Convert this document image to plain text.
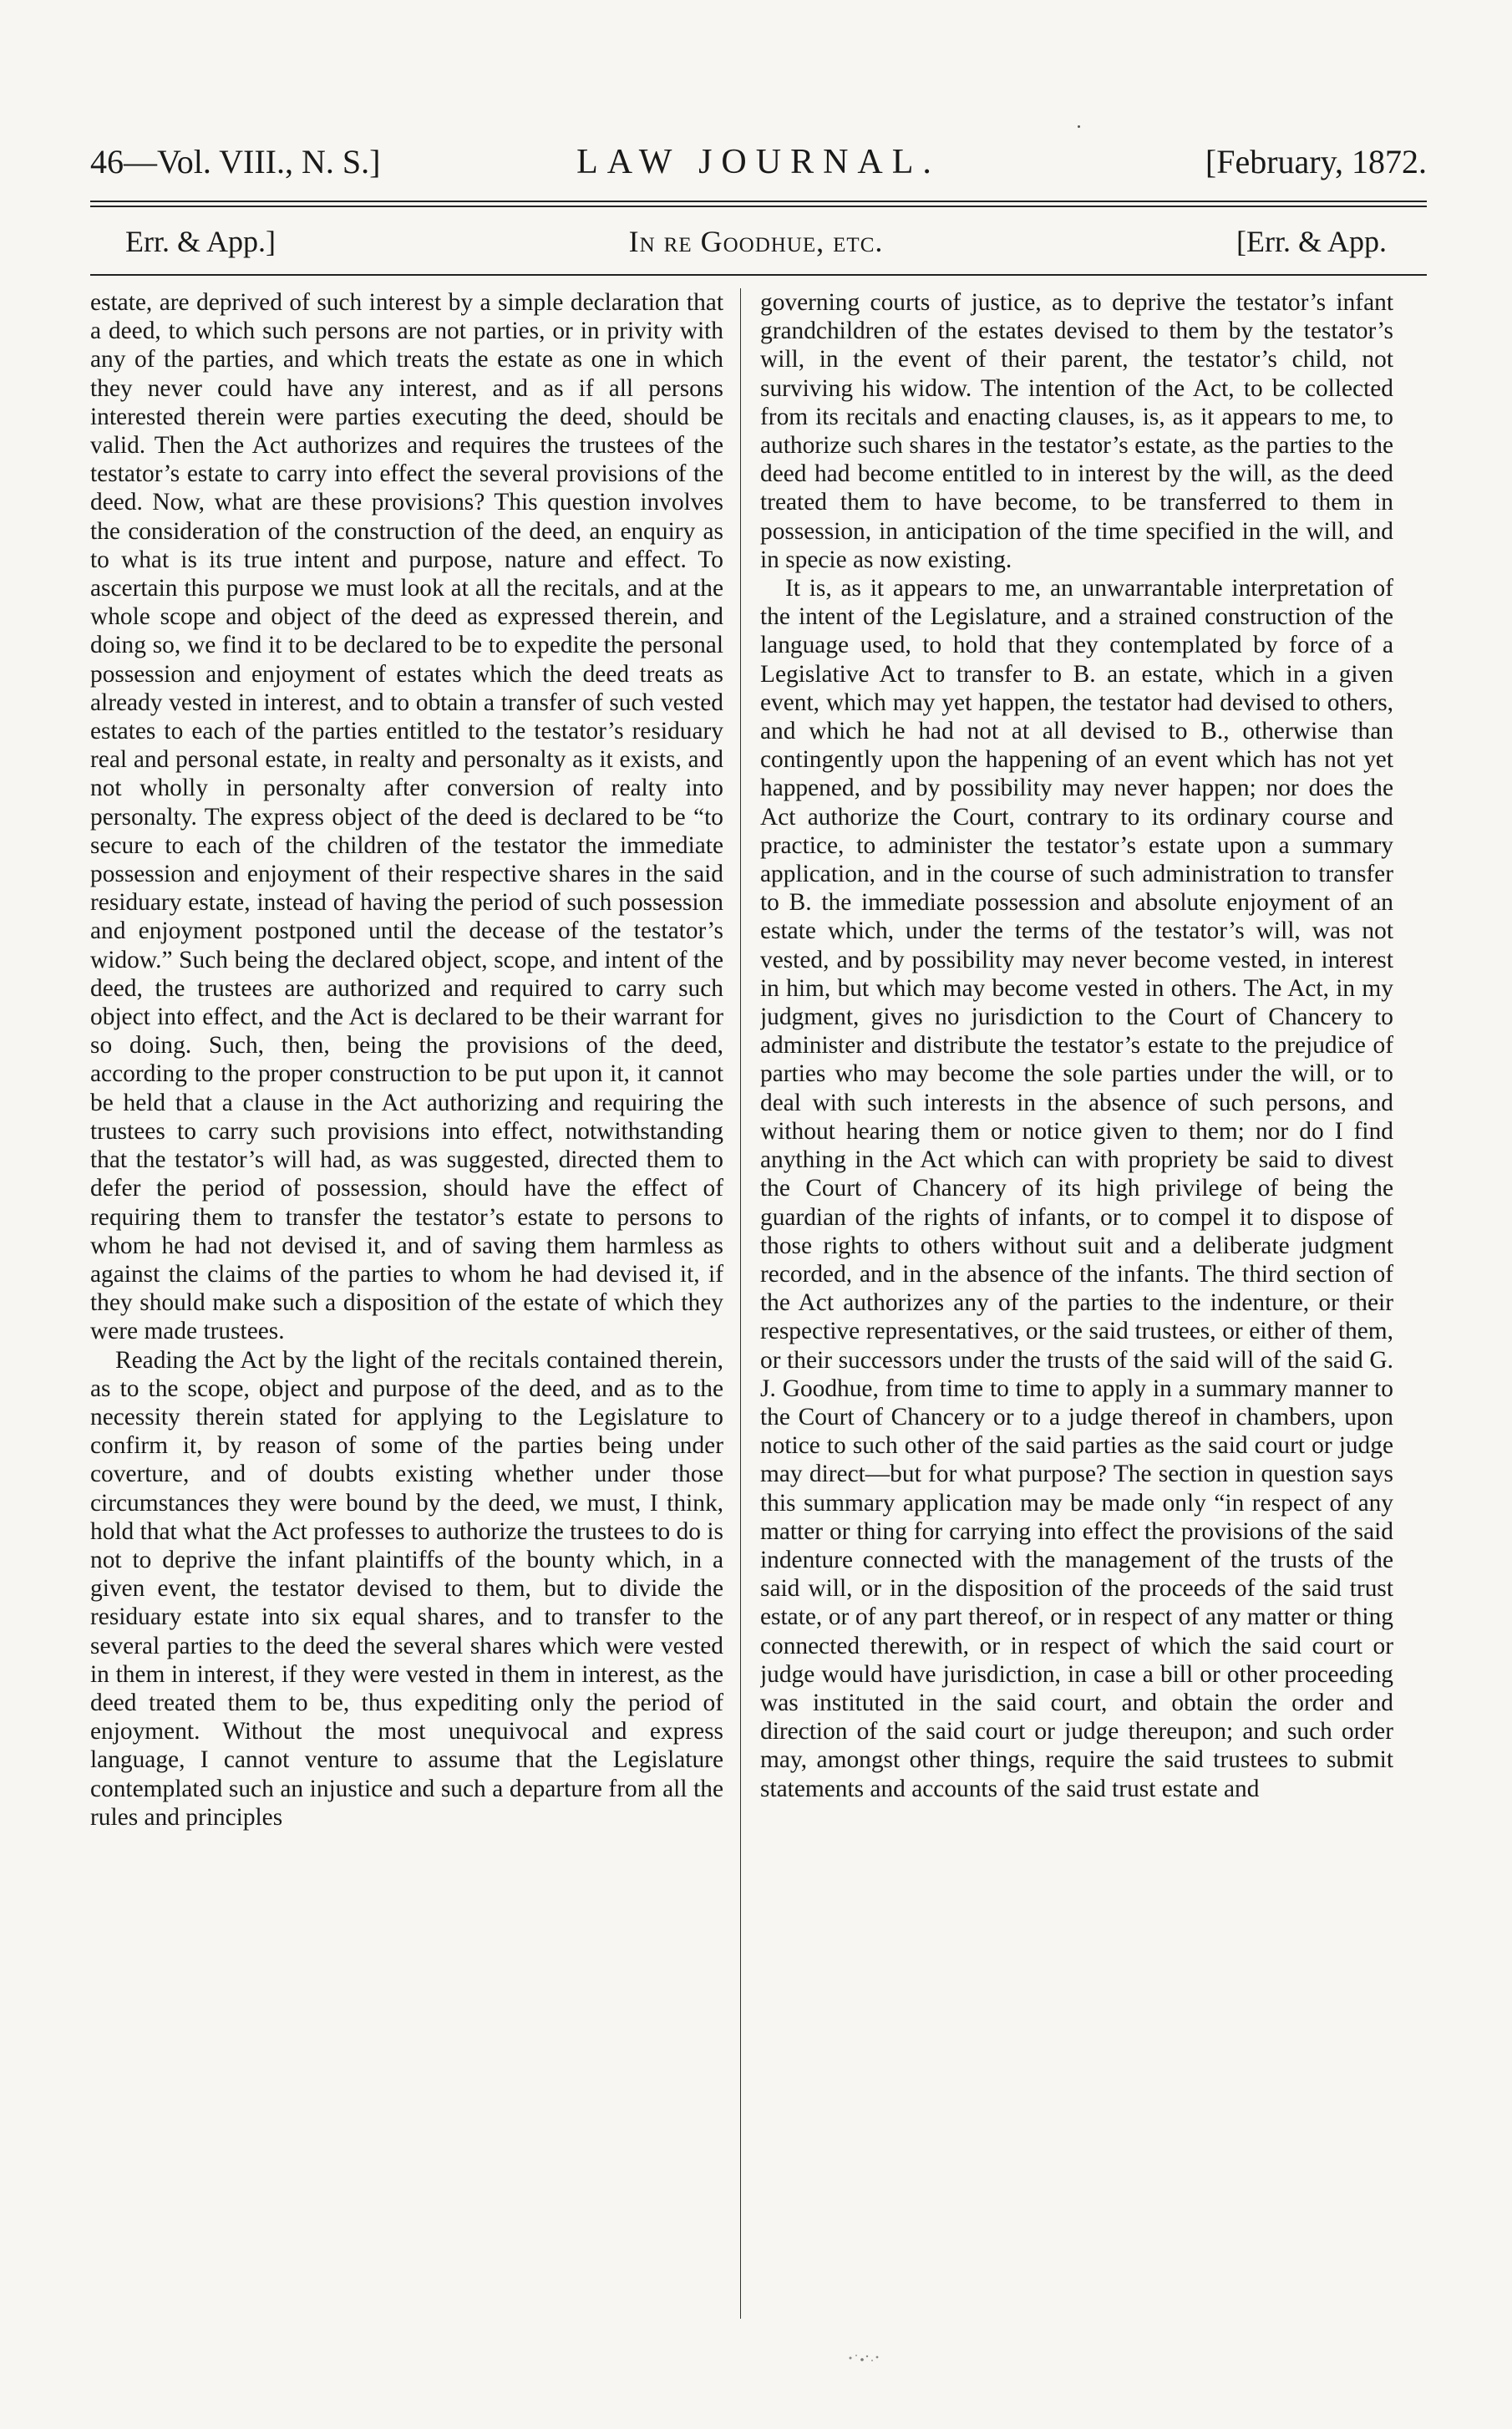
46—Vol. VIII., N. S.]	LAW JOURNAL.	[February, 1872.
Err. & App.]	In re Goodhue, etc.	[Err. & App.

estate, are deprived of such interest by a simple declaration that a deed, to which such persons are not parties, or in privity with any of the parties, and which treats the estate as one in which they never could have any interest, and as if all persons interested therein were parties executing the deed, should be valid. Then the Act authorizes and requires the trustees of the testator’s estate to carry into effect the several provisions of the deed. Now, what are these provisions? This question involves the consideration of the construction of the deed, an enquiry as to what is its true intent and purpose, nature and effect. To ascertain this purpose we must look at all the recitals, and at the whole scope and object of the deed as expressed therein, and doing so, we find it to be declared to be to expedite the personal possession and enjoyment of estates which the deed treats as already vested in interest, and to obtain a transfer of such vested estates to each of the parties entitled to the testator’s residuary real and personal estate, in realty and personalty as it exists, and not wholly in personalty after conversion of realty into personalty. The express object of the deed is declared to be “to secure to each of the children of the testator the immediate possession and enjoyment of their respective shares in the said residuary estate, instead of having the period of such possession and enjoyment postponed until the decease of the testator’s widow.” Such being the declared object, scope, and intent of the deed, the trustees are authorized and required to carry such object into effect, and the Act is declared to be their warrant for so doing. Such, then, being the provisions of the deed, according to the proper construction to be put upon it, it cannot be held that a clause in the Act authorizing and requiring the trustees to carry such provisions into effect, notwithstanding that the testator’s will had, as was suggested, directed them to defer the period of possession, should have the effect of requiring them to transfer the testator’s estate to persons to whom he had not devised it, and of saving them harmless as against the claims of the parties to whom he had devised it, if they should make such a disposition of the estate of which they were made trustees.

Reading the Act by the light of the recitals contained therein, as to the scope, object and purpose of the deed, and as to the necessity therein stated for applying to the Legislature to confirm it, by reason of some of the parties being under coverture, and of doubts existing whether under those circumstances they were bound by the deed, we must, I think, hold that what the Act professes to authorize the trustees to do is not to deprive the infant plaintiffs of the bounty which, in a given event, the testator devised to them, but to divide the residuary estate into six equal shares, and to transfer to the several parties to the deed the several shares which were vested in them in interest, if they were vested in them in interest, as the deed treated them to be, thus expediting only the period of enjoyment. Without the most unequivocal and express language, I cannot venture to assume that the Legislature contemplated such an injustice and such a departure from all the rules and principles

governing courts of justice, as to deprive the testator’s infant grandchildren of the estates devised to them by the testator’s will, in the event of their parent, the testator’s child, not surviving his widow. The intention of the Act, to be collected from its recitals and enacting clauses, is, as it appears to me, to authorize such shares in the testator’s estate, as the parties to the deed had become entitled to in interest by the will, as the deed treated them to have become, to be transferred to them in possession, in anticipation of the time specified in the will, and in specie as now existing.

It is, as it appears to me, an unwarrantable interpretation of the intent of the Legislature, and a strained construction of the language used, to hold that they contemplated by force of a Legislative Act to transfer to B. an estate, which in a given event, which may yet happen, the testator had devised to others, and which he had not at all devised to B., otherwise than contingently upon the happening of an event which has not yet happened, and by possibility may never happen; nor does the Act authorize the Court, contrary to its ordinary course and practice, to administer the testator’s estate upon a summary application, and in the course of such administration to transfer to B. the immediate possession and absolute enjoyment of an estate which, under the terms of the testator’s will, was not vested, and by possibility may never become vested, in interest in him, but which may become vested in others. The Act, in my judgment, gives no jurisdiction to the Court of Chancery to administer and distribute the testator’s estate to the prejudice of parties who may become the sole parties under the will, or to deal with such interests in the absence of such persons, and without hearing them or notice given to them; nor do I find anything in the Act which can with propriety be said to divest the Court of Chancery of its high privilege of being the guardian of the rights of infants, or to compel it to dispose of those rights to others without suit and a deliberate judgment recorded, and in the absence of the infants. The third section of the Act authorizes any of the parties to the indenture, or their respective representatives, or the said trustees, or either of them, or their successors under the trusts of the said will of the said G. J. Goodhue, from time to time to apply in a summary manner to the Court of Chancery or to a judge thereof in chambers, upon notice to such other of the said parties as the said court or judge may direct—but for what purpose? The section in question says this summary application may be made only “in respect of any matter or thing for carrying into effect the provisions of the said indenture connected with the management of the trusts of the said will, or in the disposition of the proceeds of the said trust estate, or of any part thereof, or in respect of any matter or thing connected therewith, or in respect of which the said court or judge would have jurisdiction, in case a bill or other proceeding was instituted in the said court, and obtain the order and direction of the said court or judge thereupon; and such order may, amongst other things, require the said trustees to submit statements and accounts of the said trust estate and
